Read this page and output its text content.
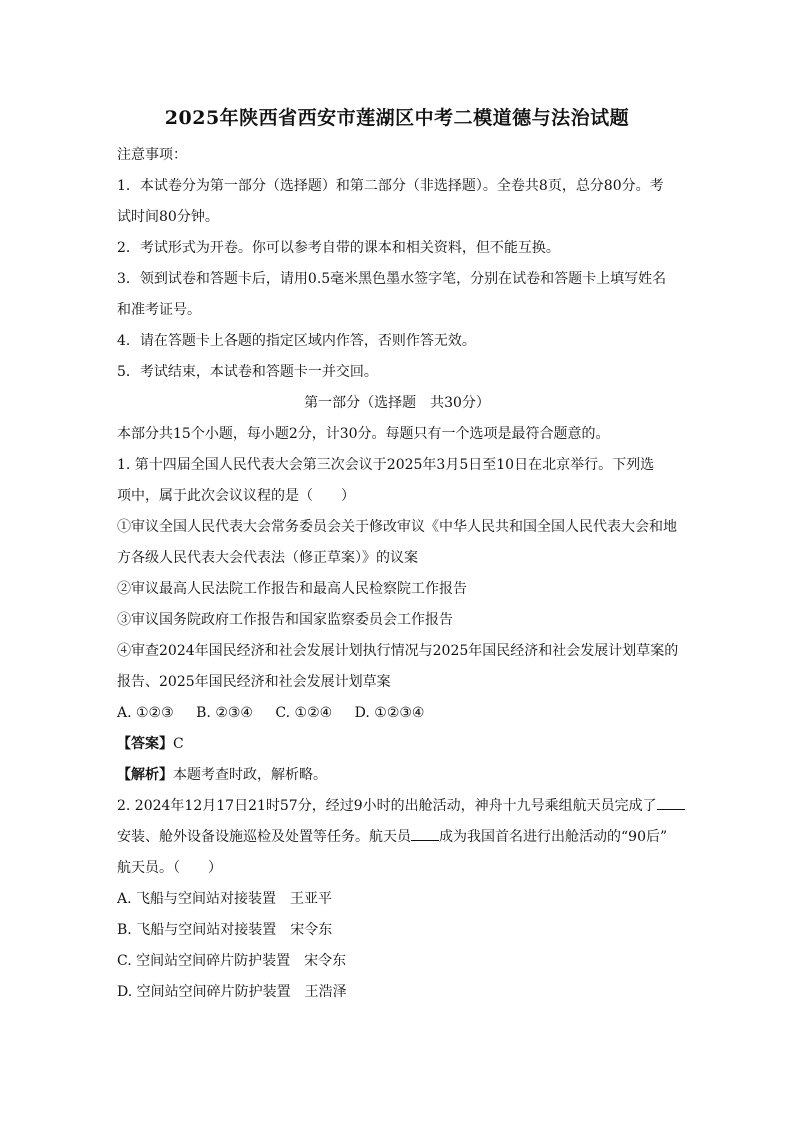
2025年陕西省西安市莲湖区中考二模道德与法治试题
注意事项：
1．本试卷分为第一部分（选择题）和第二部分（非选择题）。全卷共8页，总分80分。考
试时间80分钟。
2．考试形式为开卷。你可以参考自带的课本和相关资料，但不能互换。
3．领到试卷和答题卡后，请用0.5毫米黑色墨水签字笔，分别在试卷和答题卡上填写姓名
和准考证号。
4．请在答题卡上各题的指定区域内作答，否则作答无效。
5．考试结束，本试卷和答题卡一并交回。
第一部分（选择题　共30分）
本部分共15个小题，每小题2分，计30分。每题只有一个选项是最符合题意的。
1. 第十四届全国人民代表大会第三次会议于2025年3月5日至10日在北京举行。下列选
项中，属于此次会议议程的是（　　）
①审议全国人民代表大会常务委员会关于修改审议《中华人民共和国全国人民代表大会和地
方各级人民代表大会代表法（修正草案）》的议案
②审议最高人民法院工作报告和最高人民检察院工作报告
③审议国务院政府工作报告和国家监察委员会工作报告
④审查2024年国民经济和社会发展计划执行情况与2025年国民经济和社会发展计划草案的
报告、2025年国民经济和社会发展计划草案
A. ①②③ B. ②③④ C. ①②④ D. ①②③④
【答案】C
【解析】本题考查时政，解析略。
2. 2024年12月17日21时57分，经过9小时的出舱活动，神舟十九号乘组航天员完成了
安装、舱外设备设施巡检及处置等任务。航天员 成为我国首名进行出舱活动的“90后”
航天员。（　　）
A. 飞船与空间站对接装置　王亚平
B. 飞船与空间站对接装置　宋令东
C. 空间站空间碎片防护装置　宋令东
D. 空间站空间碎片防护装置　王浩泽
